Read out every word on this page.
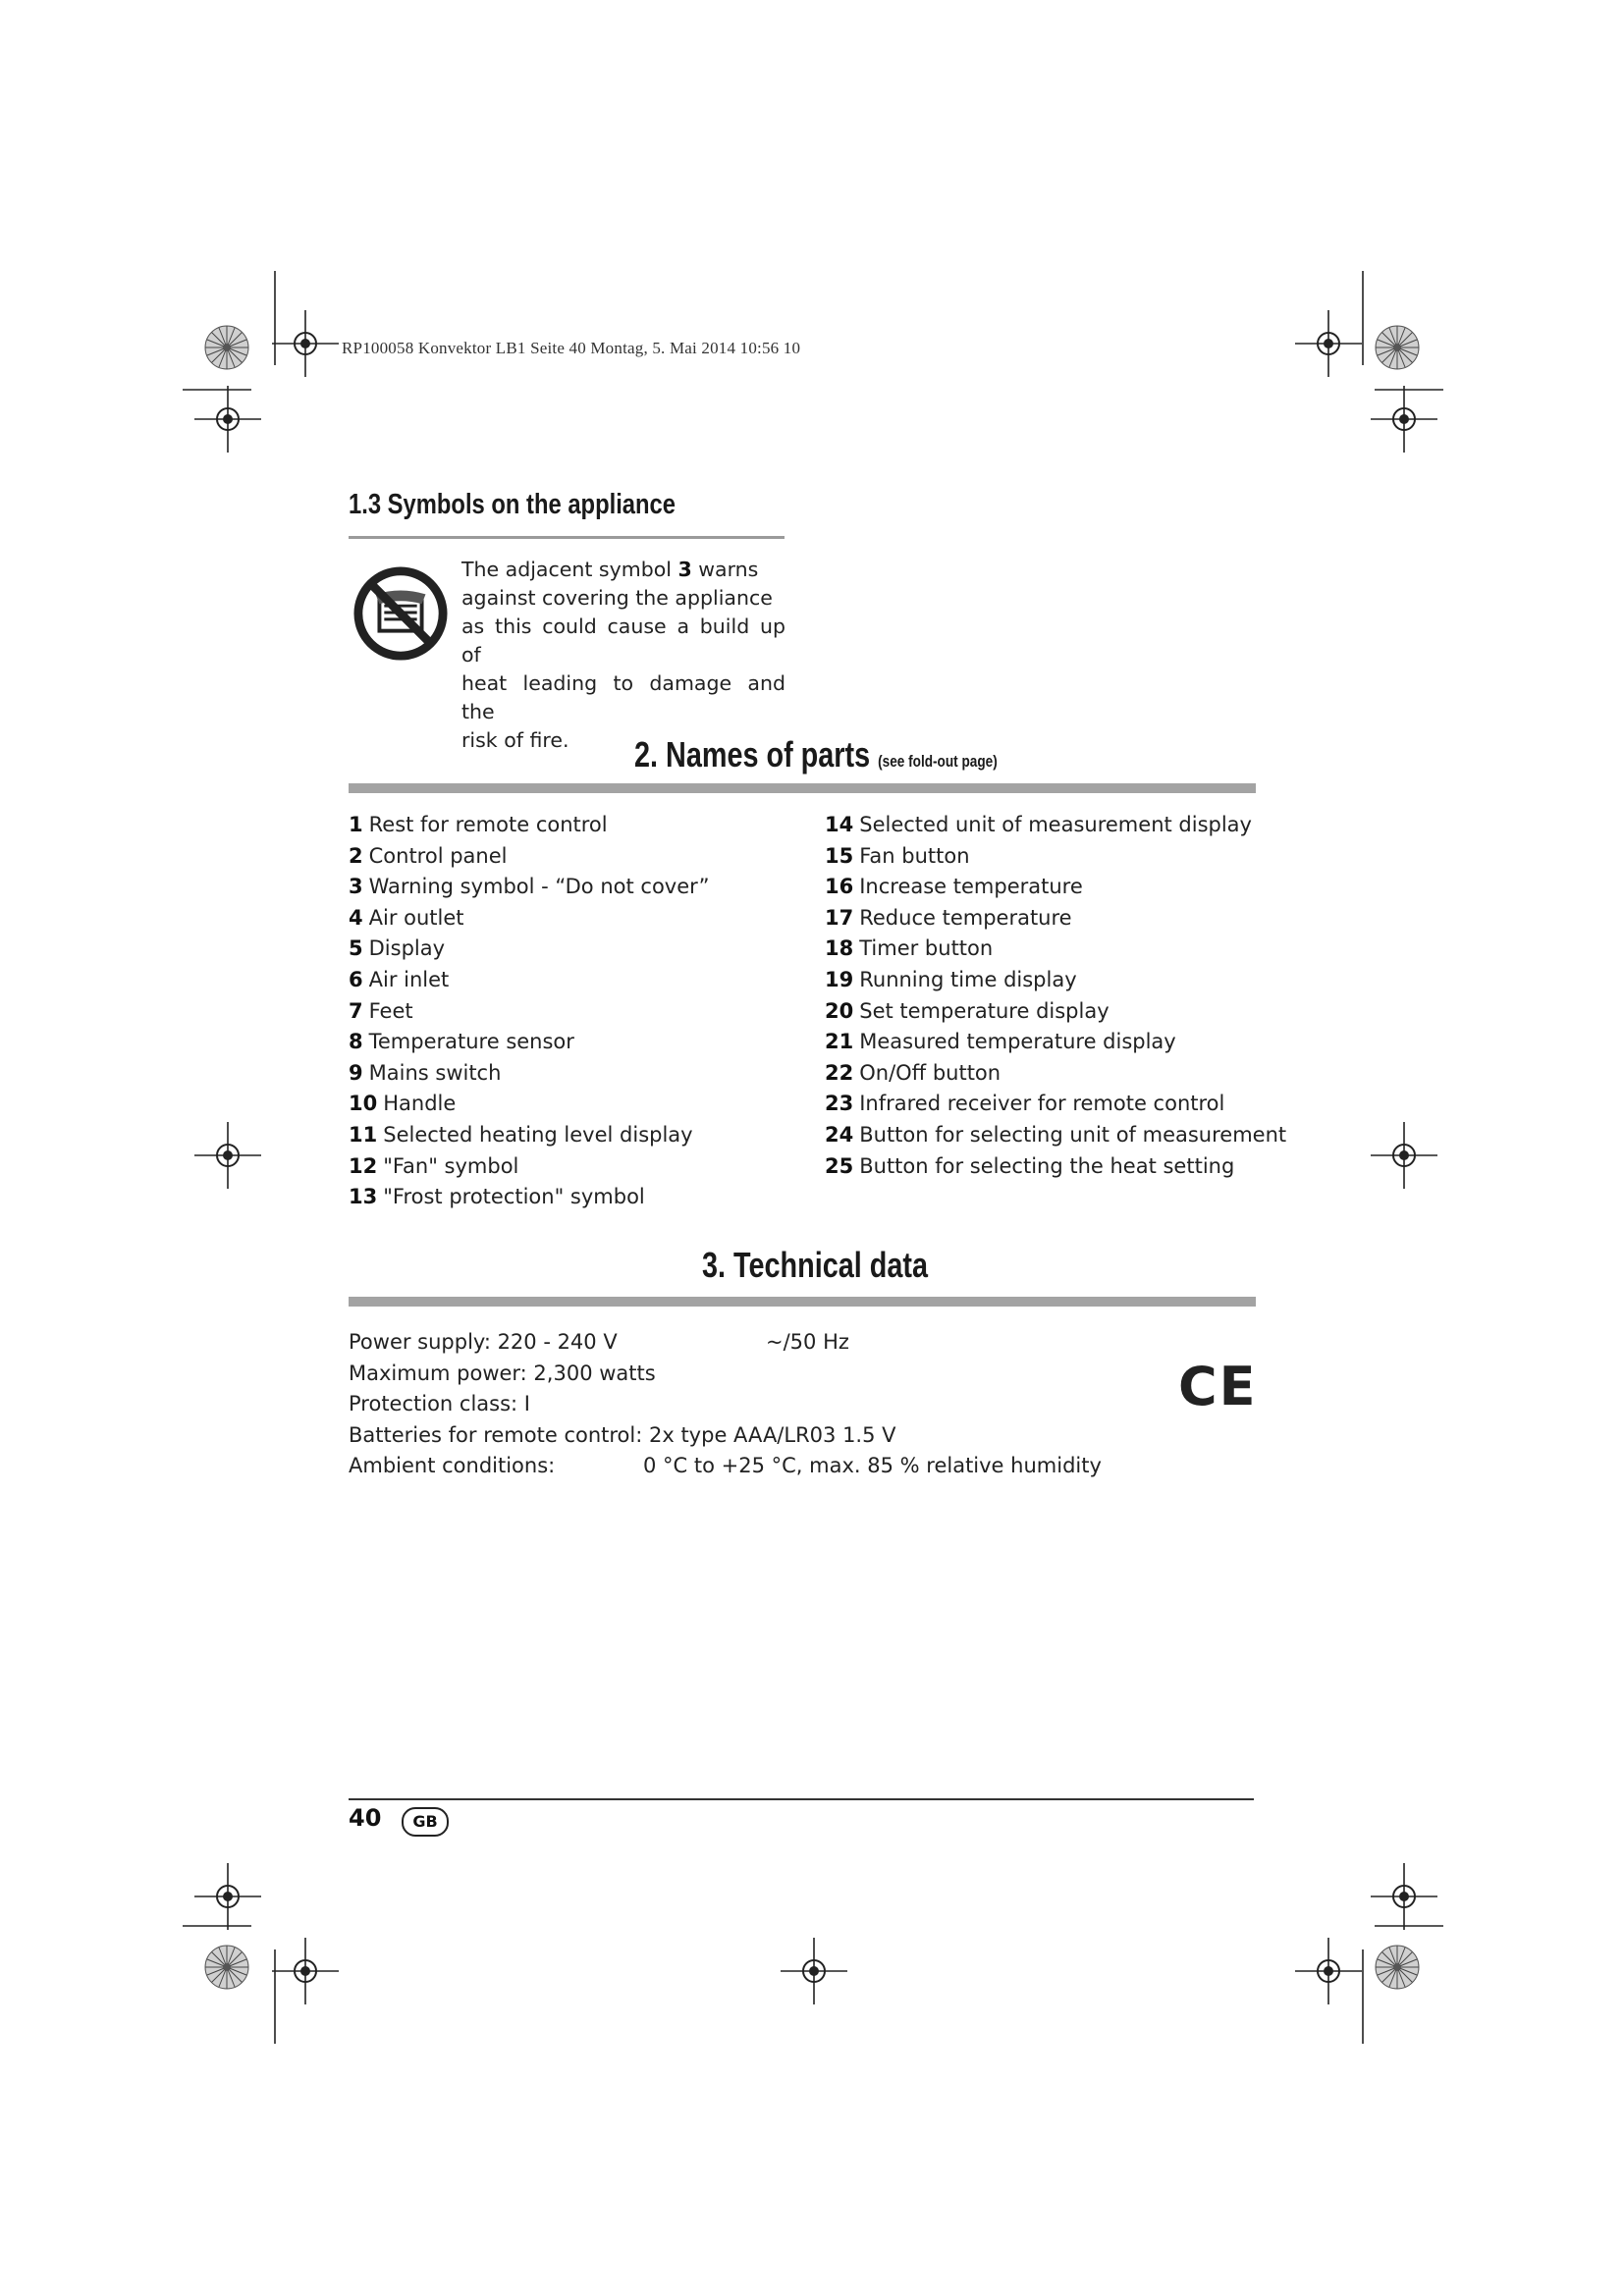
RP100058 Konvektor LB1 Seite 40 Montag, 5. Mai 2014 10:56 10
1.3 Symbols on the appliance
The adjacent symbol 3 warns
against covering the appliance
as this could cause a build up of
heat leading to damage and the
risk of fire.	2. Names of parts (see fold-out page)
1 Rest for remote control
2 Control panel
3 Warning symbol - “Do not cover”
4 Air outlet
5 Display
6 Air inlet
7 Feet
8 Temperature sensor
9 Mains switch
10 Handle
11 Selected heating level display
12 "Fan" symbol
13 "Frost protection" symbol
14 Selected unit of measurement display
15 Fan button
16 Increase temperature
17 Reduce temperature
18 Timer button
19 Running time display
20 Set temperature display
21 Measured temperature display
22 On/Off button
23 Infrared receiver for remote control
24 Button for selecting unit of measurement
25 Button for selecting the heat setting
3. Technical data
Power supply: 220 - 240 V	~/50 Hz
Maximum power: 2,300 watts
Protection class: I
Batteries for remote control: 2x type AAA/LR03 1.5 V
Ambient conditions:	0 °C to +25 °C, max. 85 % relative humidity
CE
40	GB
